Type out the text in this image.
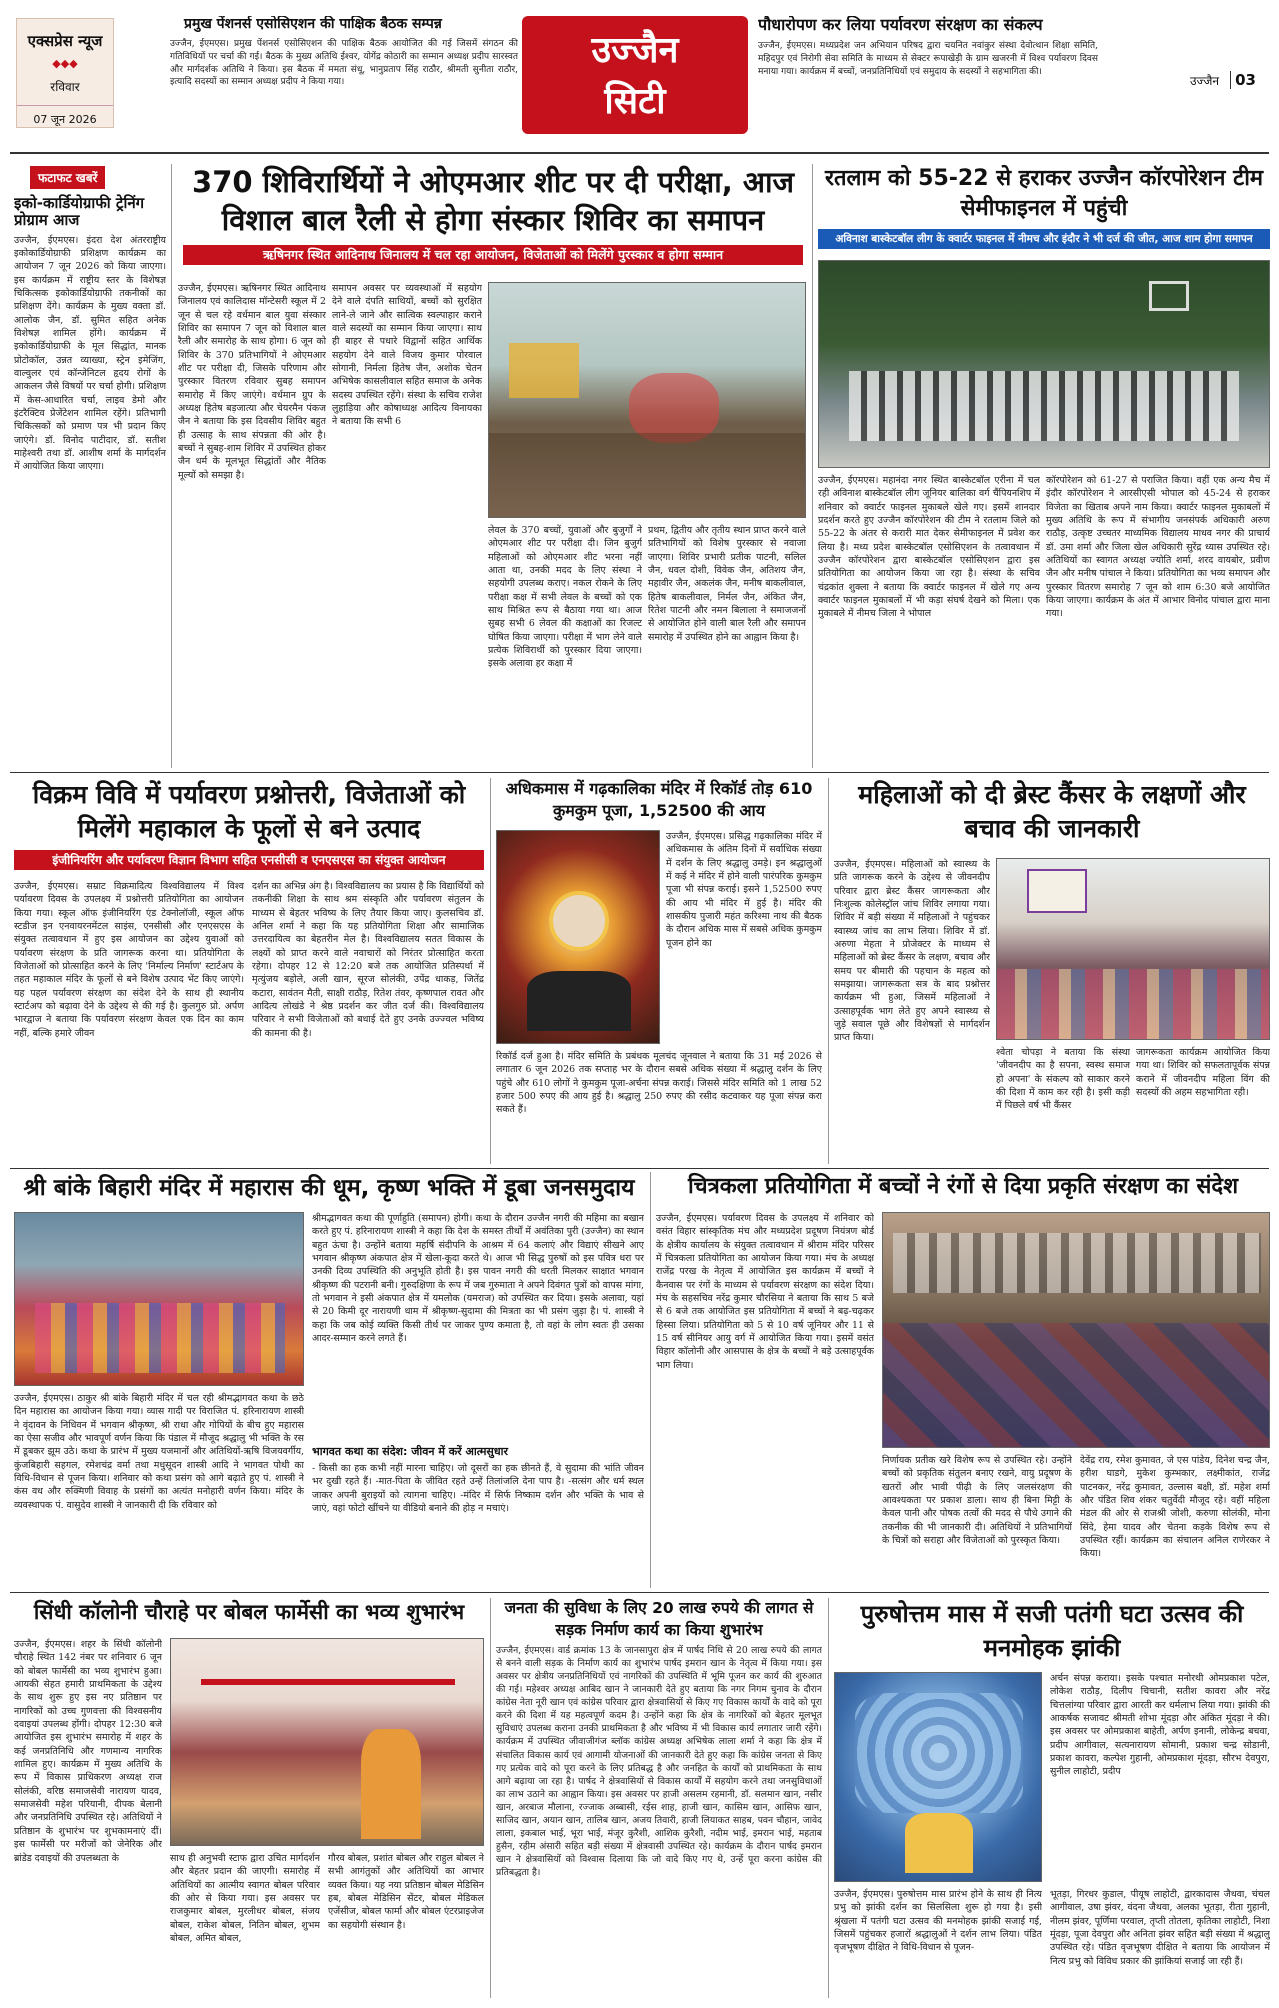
एक्सप्रेस न्यूज
◆◆◆
रविवार
07 जून 2026
प्रमुख पेंशनर्स एसोसिएशन की पाक्षिक बैठक सम्पन्न
उज्जैन, ईएमएस। प्रमुख पेंशनर्स एसोसिएशन की पाक्षिक बैठक आयोजित की गई जिसमें संगठन की गतिविधियों पर चर्चा की गई। बैठक के मुख्य अतिथि ईश्वर, योगेंद्र कोठारी का सम्मान अध्यक्ष प्रदीप सारस्वत और मार्गदर्शक अतिथि ने किया। इस बैठक में ममता संधू, भानुप्रताप सिंह राठौर, श्रीमती सुनीता राठौर, इत्यादि सदस्यों का सम्मान अध्यक्ष प्रदीप ने किया गया।
उज्जैन
सिटी
पौधारोपण कर लिया पर्यावरण संरक्षण का संकल्प
उज्जैन, ईएमएस। मध्यप्रदेश जन अभियान परिषद द्वारा चयनित नवांकुर संस्था देवोत्थान शिक्षा समिति, महिदपुर एवं निरोगी सेवा समिति के माध्यम से सेक्टर रूपाखेड़ी के ग्राम खजरनी में विश्व पर्यावरण दिवस मनाया गया। कार्यक्रम में बच्चों, जनप्रतिनिधियों एवं समुदाय के सदस्यों ने सहभागिता की।
उज्जैन 03
फटाफट खबरें
इको-कार्डियोग्राफी ट्रेनिंग प्रोग्राम आज
उज्जैन, ईएमएस। इंदरा देश अंतरराष्ट्रीय इकोकार्डियोग्राफी प्रशिक्षण कार्यक्रम का आयोजन 7 जून 2026 को किया जाएगा। इस कार्यक्रम में राष्ट्रीय स्तर के विशेषज्ञ चिकित्सक इकोकार्डियोग्राफी तकनीकों का प्रशिक्षण देंगे। कार्यक्रम के मुख्य वक्ता डॉ. आलोक जैन, डॉ. सुमित सहित अनेक विशेषज्ञ शामिल होंगे। कार्यक्रम में इकोकार्डियोग्राफी के मूल सिद्धांत, मानक प्रोटोकॉल, उन्नत व्याख्या, स्ट्रेन इमेजिंग, वाल्वुलर एवं कॉन्जेनिटल हृदय रोगों के आकलन जैसे विषयों पर चर्चा होगी। प्रशिक्षण में केस-आधारित चर्चा, लाइव डेमो और इंटरैक्टिव प्रेजेंटेशन शामिल रहेंगे। प्रतिभागी चिकित्सकों को प्रमाण पत्र भी प्रदान किए जाएंगे। डॉ. विनोद पाटीदार, डॉ. सतीश माहेश्वरी तथा डॉ. आशीष शर्मा के मार्गदर्शन में आयोजित किया जाएगा।
370 शिविरार्थियों ने ओएमआर शीट पर दी परीक्षा, आज विशाल बाल रैली से होगा संस्कार शिविर का समापन
ऋषिनगर स्थित आदिनाथ जिनालय में चल रहा आयोजन, विजेताओं को मिलेंगे पुरस्कार व होगा सम्मान
उज्जैन, ईएमएस। ऋषिनगर स्थित आदिनाथ जिनालय एवं कालिदास मॉन्टेसरी स्कूल में 2 जून से चल रहे वर्धमान बाल युवा संस्कार शिविर का समापन 7 जून को विशाल बाल रैली और समारोह के साथ होगा। 6 जून को शिविर के 370 प्रतिभागियों ने ओएमआर शीट पर परीक्षा दी, जिसके परिणाम और पुरस्कार वितरण रविवार सुबह समापन समारोह में किए जाएंगे। वर्धमान ग्रुप के अध्यक्ष हितेष बड़जात्या और चेयरमैन पंकज जैन ने बताया कि इस दिवसीय शिविर बहुत ही उत्साह के साथ संपन्नता की ओर है। बच्चों ने सुबह-शाम शिविर में उपस्थित होकर जैन धर्म के मूलभूत सिद्धांतों और नैतिक मूल्यों को समझा है।
समापन अवसर पर व्यवस्थाओं में सहयोग देने वाले दंपति साथियों, बच्चों को सुरक्षित लाने-ले जाने और सात्विक स्वल्पाहार कराने वाले सदस्यों का सम्मान किया जाएगा। साथ ही बाहर से पधारे विद्वानों सहित आर्थिक सहयोग देने वाले विजय कुमार पोरवाल सोगानी, निर्मला हितेष जैन, अशोक चेतन अभिषेक कासलीवाल सहित समाज के अनेक सदस्य उपस्थित रहेंगे। संस्था के सचिव राजेश लुहाड़िया और कोषाध्यक्ष आदित्य विनायका ने बताया कि सभी 6
लेवल के 370 बच्चों, युवाओं और बुजुर्गों ने ओएमआर शीट पर परीक्षा दी। जिन बुजुर्ग महिलाओं को ओएमआर शीट भरना नहीं आता था, उनकी मदद के लिए संस्था ने सहयोगी उपलब्ध कराए। नकल रोकने के लिए परीक्षा कक्ष में सभी लेवल के बच्चों को एक साथ मिश्रित रूप से बैठाया गया था। आज सुबह सभी 6 लेवल की कक्षाओं का रिजल्ट घोषित किया जाएगा। परीक्षा में भाग लेने वाले प्रत्येक शिविरार्थी को पुरस्कार दिया जाएगा। इसके अलावा हर कक्षा में
प्रथम, द्वितीय और तृतीय स्थान प्राप्त करने वाले प्रतिभागियों को विशेष पुरस्कार से नवाजा जाएगा। शिविर प्रभारी प्रतीक पाटनी, सलिल जैन, धवल दोशी, विवेक जैन, अतिशय जैन, महावीर जैन, अकलंक जैन, मनीष बाकलीवाल, हितेष बाकलीवाल, निर्मल जैन, अंकित जैन, रितेश पाटनी और नमन बिलाला ने समाजजनों से आयोजित होने वाली बाल रैली और समापन समारोह में उपस्थित होने का आह्वान किया है।
रतलाम को 55-22 से हराकर उज्जैन कॉरपोरेशन टीम सेमीफाइनल में पहुंची
अविनाश बास्केटबॉल लीग के क्वार्टर फाइनल में नीमच और इंदौर ने भी दर्ज की जीत, आज शाम होगा समापन
उज्जैन, ईएमएस। महानंदा नगर स्थित बास्केटबॉल एरीना में चल रही अविनाश बास्केटबॉल लीग जूनियर बालिका वर्ग चैंपियनशिप में शनिवार को क्वार्टर फाइनल मुकाबले खेले गए। इसमें शानदार प्रदर्शन करते हुए उज्जैन कॉरपोरेशन की टीम ने रतलाम जिले को 55-22 के अंतर से करारी मात देकर सेमीफाइनल में प्रवेश कर लिया है। मध्य प्रदेश बास्केटबॉल एसोसिएशन के तत्वावधान में उज्जैन कॉरपोरेशन द्वारा बास्केटबॉल एसोसिएशन द्वारा इस प्रतियोगिता का आयोजन किया जा रहा है। संस्था के सचिव चंद्रकांत शुक्ला ने बताया कि क्वार्टर फाइनल में खेले गए अन्य क्वार्टर फाइनल मुकाबलों में भी कड़ा संघर्ष देखने को मिला। एक मुकाबले में नीमच जिला ने भोपाल
कॉरपोरेशन को 61-27 से पराजित किया। वहीं एक अन्य मैच में इंदौर कॉरपोरेशन ने आरसीएसी भोपाल को 45-24 से हराकर विजेता का खिताब अपने नाम किया। क्वार्टर फाइनल मुकाबलों में मुख्य अतिथि के रूप में संभागीय जनसंपर्क अधिकारी अरुण राठौड़, उत्कृष्ट उच्चतर माध्यमिक विद्यालय माधव नगर की प्राचार्य डॉ. उमा शर्मा और जिला खेल अधिकारी सुरेंद्र ध्यास उपस्थित रहे। अतिथियों का स्वागत अध्यक्ष ज्योति शर्मा, शरद वायबोर, प्रवीण जैन और मनीष पांचाल ने किया। प्रतियोगिता का भव्य समापन और पुरस्कार वितरण समारोह 7 जून को शाम 6:30 बजे आयोजित किया जाएगा। कार्यक्रम के अंत में आभार विनोद पांचाल द्वारा माना गया।
विक्रम विवि में पर्यावरण प्रश्नोत्तरी, विजेताओं को मिलेंगे महाकाल के फूलों से बने उत्पाद
इंजीनियरिंग और पर्यावरण विज्ञान विभाग सहित एनसीसी व एनएसएस का संयुक्त आयोजन
उज्जैन, ईएमएस। सम्राट विक्रमादित्य विश्वविद्यालय में विश्व पर्यावरण दिवस के उपलक्ष्य में प्रश्नोत्तरी प्रतियोगिता का आयोजन किया गया। स्कूल ऑफ इंजीनियरिंग एंड टेक्नोलॉजी, स्कूल ऑफ स्टडीज इन एनवायरनमेंटल साइंस, एनसीसी और एनएसएस के संयुक्त तत्वावधान में हुए इस आयोजन का उद्देश्य युवाओं को पर्यावरण संरक्षण के प्रति जागरूक करना था। प्रतियोगिता के विजेताओं को प्रोत्साहित करने के लिए 'निर्माल्य निर्माण' स्टार्टअप के तहत महाकाल मंदिर के फूलों से बने विशेष उत्पाद भेंट किए जाएंगे। यह पहल पर्यावरण संरक्षण का संदेश देने के साथ ही स्थानीय स्टार्टअप को बढ़ावा देने के उद्देश्य से की गई है। कुलगुरु प्रो. अर्पण भारद्वाज ने बताया कि पर्यावरण संरक्षण केवल एक दिन का काम नहीं, बल्कि हमारे जीवन
दर्शन का अभिन्न अंग है। विश्वविद्यालय का प्रयास है कि विद्यार्थियों को तकनीकी शिक्षा के साथ श्रम संस्कृति और पर्यावरण संतुलन के माध्यम से बेहतर भविष्य के लिए तैयार किया जाए। कुलसचिव डॉ. अनिल शर्मा ने कहा कि यह प्रतियोगिता शिक्षा और सामाजिक उत्तरदायित्व का बेहतरीन मेल है। विश्वविद्यालय सतत विकास के लक्ष्यों को प्राप्त करने वाले नवाचारों को निरंतर प्रोत्साहित करता रहेगा। दोपहर 12 से 12:20 बजे तक आयोजित प्रतिस्पर्धा में मृत्युंजय बड़ोले, अली खान, सूरज सोलंकी, उपेंद्र धाकड़, जितेंद्र कटारा, सावंतन मैती, साक्षी राठौड़, रितेश तंवर, कृष्णपाल रावत और आदित्य लोखंडे ने श्रेष्ठ प्रदर्शन कर जीत दर्ज की। विश्वविद्यालय परिवार ने सभी विजेताओं को बधाई देते हुए उनके उज्ज्वल भविष्य की कामना की है।
अधिकमास में गढ़कालिका मंदिर में रिकॉर्ड तोड़ 610 कुमकुम पूजा, 1,52500 की आय
उज्जैन, ईएमएस। प्रसिद्ध गढ़कालिका मंदिर में अधिकमास के अंतिम दिनों में सर्वाधिक संख्या में दर्शन के लिए श्रद्धालु उमड़े। इन श्रद्धालुओं में कई ने मंदिर में होने वाली पारंपरिक कुमकुम पूजा भी संपन्न कराई। इसने 1,52500 रुपए की आय भी मंदिर में हुई है। मंदिर की शासकीय पुजारी महंत करिश्मा नाथ की बैठक के दौरान अधिक मास में सबसे अधिक कुमकुम पूजन होने का
रिकॉर्ड दर्ज हुआ है। मंदिर समिति के प्रबंधक मूलचंद जूनवाल ने बताया कि 31 मई 2026 से लगातार 6 जून 2026 तक सप्ताह भर के दौरान सबसे अधिक संख्या में श्रद्धालु दर्शन के लिए पहुंचे और 610 लोगों ने कुमकुम पूजा-अर्चना संपन्न कराई। जिससे मंदिर समिति को 1 लाख 52 हजार 500 रुपए की आय हुई है। श्रद्धालु 250 रुपए की रसीद कटवाकर यह पूजा संपन्न करा सकते हैं।
महिलाओं को दी ब्रेस्ट कैंसर के लक्षणों और बचाव की जानकारी
उज्जैन, ईएमएस। महिलाओं को स्वास्थ्य के प्रति जागरूक करने के उद्देश्य से जीवनदीप परिवार द्वारा ब्रेस्ट कैंसर जागरूकता और निःशुल्क कोलेस्ट्रॉल जांच शिविर लगाया गया। शिविर में बड़ी संख्या में महिलाओं ने पहुंचकर स्वास्थ्य जांच का लाभ लिया। शिविर में डॉ. अरुणा मेहता ने प्रोजेक्टर के माध्यम से महिलाओं को ब्रेस्ट कैंसर के लक्षण, बचाव और समय पर बीमारी की पहचान के महत्व को समझाया। जागरूकता सत्र के बाद प्रश्नोत्तर कार्यक्रम भी हुआ, जिसमें महिलाओं ने उत्साहपूर्वक भाग लेते हुए अपने स्वास्थ्य से जुड़े सवाल पूछे और विशेषज्ञों से मार्गदर्शन प्राप्त किया।
श्वेता चोपड़ा ने बताया कि संस्था 'जीवनदीप का है सपना, स्वस्थ समाज हो अपना' के संकल्प को साकार करने की दिशा में काम कर रही है। इसी कड़ी में पिछले वर्ष भी कैंसर
जागरूकता कार्यक्रम आयोजित किया गया था। शिविर को सफलतापूर्वक संपन्न कराने में जीवनदीप महिला विंग की सदस्यों की अहम सहभागिता रही।
श्री बांके बिहारी मंदिर में महारास की धूम, कृष्ण भक्ति में डूबा जनसमुदाय
उज्जैन, ईएमएस। ठाकुर श्री बांके बिहारी मंदिर में चल रही श्रीमद्भागवत कथा के छठे दिन महारास का आयोजन किया गया। व्यास गादी पर विराजित पं. हरिनारायण शास्त्री ने वृंदावन के निधिवन में भगवान श्रीकृष्ण, श्री राधा और गोपियों के बीच हुए महारास का ऐसा सजीव और भावपूर्ण वर्णन किया कि पंडाल में मौजूद श्रद्धालु भी भक्ति के रस में डूबकर झूम उठे। कथा के प्रारंभ में मुख्य यजमानों और अतिथियों-ऋषि विजयवर्गीय, कुंजबिहारी सहगल, रमेशचंद्र वर्मा तथा मधुसूदन शास्त्री आदि ने भागवत पोथी का विधि-विधान से पूजन किया। शनिवार को कथा प्रसंग को आगे बढ़ाते हुए पं. शास्त्री ने कंस वध और रुक्मिणी विवाह के प्रसंगों का अत्यंत मनोहारी वर्णन किया। मंदिर के व्यवस्थापक पं. वासुदेव शास्त्री ने जानकारी दी कि रविवार को
श्रीमद्भागवत कथा की पूर्णाहुति (समापन) होगी। कथा के दौरान उज्जैन नगरी की महिमा का बखान करते हुए पं. हरिनारायण शास्त्री ने कहा कि देश के समस्त तीर्थों में अवंतिका पुरी (उज्जैन) का स्थान बहुत ऊंचा है। उन्होंने बताया महर्षि संदीपनि के आश्रम में 64 कलाएं और विद्याएं सीखने आए भगवान श्रीकृष्ण अंकपात क्षेत्र में खेला-कूदा करते थे। आज भी सिद्ध पुरुषों को इस पवित्र धरा पर उनकी दिव्य उपस्थिति की अनुभूति होती है। इस पावन नगरी की धरती मिलकर साक्षात भगवान श्रीकृष्ण की पटरानी बनी। गुरुदक्षिणा के रूप में जब गुरुमाता ने अपने दिवंगत पुत्रों को वापस मांगा, तो भगवान ने इसी अंकपात क्षेत्र में यमलोक (यमराज) को उपस्थित कर दिया। इसके अलावा, यहां से 20 किमी दूर नारायणी धाम में श्रीकृष्ण-सुदामा की मित्रता का भी प्रसंग जुड़ा है। पं. शास्त्री ने कहा कि जब कोई व्यक्ति किसी तीर्थ पर जाकर पुण्य कमाता है, तो वहां के लोग स्वतः ही उसका आदर-सम्मान करने लगते हैं।
भागवत कथा का संदेश: जीवन में करें आत्मसुधार
- किसी का हक कभी नहीं मारना चाहिए। जो दूसरों का हक छीनते हैं, वे सुदामा की भांति जीवन भर दुखी रहते हैं। -मात-पिता के जीवित रहते उन्हें तिलांजलि देना पाप है। -सत्संग और धर्म स्थल जाकर अपनी बुराइयों को त्यागना चाहिए। -मंदिर में सिर्फ निष्काम दर्शन और भक्ति के भाव से जाएं, वहां फोटो खींचने या वीडियो बनाने की होड़ न मचाएं।
चित्रकला प्रतियोगिता में बच्चों ने रंगों से दिया प्रकृति संरक्षण का संदेश
उज्जैन, ईएमएस। पर्यावरण दिवस के उपलक्ष्य में शनिवार को वसंत विहार सांस्कृतिक मंच और मध्यप्रदेश प्रदूषण नियंत्रण बोर्ड के क्षेत्रीय कार्यालय के संयुक्त तत्वावधान में श्रीराम मंदिर परिसर में चित्रकला प्रतियोगिता का आयोजन किया गया। मंच के अध्यक्ष राजेंद्र परख के नेतृत्व में आयोजित इस कार्यक्रम में बच्चों ने कैनवास पर रंगों के माध्यम से पर्यावरण संरक्षण का संदेश दिया। मंच के सहसचिव नरेंद्र कुमार चौरसिया ने बताया कि साथ 5 बजे से 6 बजे तक आयोजित इस प्रतियोगिता में बच्चों ने बढ़-चढ़कर हिस्सा लिया। प्रतियोगिता को 5 से 10 वर्ष जूनियर और 11 से 15 वर्ष सीनियर आयु वर्ग में आयोजित किया गया। इसमें वसंत विहार कॉलोनी और आसपास के क्षेत्र के बच्चों ने बड़े उत्साहपूर्वक भाग लिया।
निर्णायक प्रतीक खरे विशेष रूप से उपस्थित रहे। उन्होंने बच्चों को प्रकृतिक संतुलन बनाए रखने, वायु प्रदूषण के खतरों और भावी पीढ़ी के लिए जलसंरक्षण की आवश्यकता पर प्रकाश डाला। साथ ही बिना मिट्टी के केवल पानी और पोषक तत्वों की मदद से पौधे उगाने की तकनीक की भी जानकारी दी। अतिथियों ने प्रतिभागियों के चित्रों को सराहा और विजेताओं को पुरस्कृत किया।
देवेंद्र राय, रमेश कुमावत, जे एस पांडेय, दिनेश चन्द्र जैन, हरीश घाडगे, मुकेश कुम्भकार, लक्ष्मीकांत, राजेंद्र पाटनकर, नरेंद्र कुमावत, उल्लास बक्षी, डॉ. महेश शर्मा और पंडित शिव शंकर चतुर्वेदी मौजूद रहे। वहीं महिला मंडल की ओर से राजश्री जोशी, करुणा सोलंकी, मोना सिंदे, हेमा यादव और चेतना कड़के विशेष रूप से उपस्थित रहीं। कार्यक्रम का संचालन अनिल राणेरकर ने किया।
सिंधी कॉलोनी चौराहे पर बोबल फार्मेसी का भव्य शुभारंभ
उज्जैन, ईएमएस। शहर के सिंधी कॉलोनी चौराहे स्थित 142 नंबर पर शनिवार 6 जून को बोबल फार्मेसी का भव्य शुभारंभ हुआ। आयकी सेहत हमारी प्राथमिकता के उद्देश्य के साथ शुरू हुए इस नए प्रतिष्ठान पर नागरिकों को उच्च गुणवत्ता की विश्वसनीय दवाइयां उपलब्ध होंगी। दोपहर 12:30 बजे आयोजित इस शुभारंभ समारोह में शहर के कई जनप्रतिनिधि और गणमान्य नागरिक शामिल हुए। कार्यक्रम में मुख्य अतिथि के रूप में विकास प्राधिकरण अध्यक्ष राज सोलंकी, वरिष्ठ समाजसेवी नारायण यादव, समाजसेवी महेश परियानी, दीपक बेलानी और जनप्रतिनिधि उपस्थित रहे। अतिथियों ने प्रतिष्ठान के शुभारंभ पर शुभकामनाएं दीं। इस फार्मेसी पर मरीजों को जेनेरिक और ब्रांडेड दवाइयों की उपलब्धता के	साथ ही अनुभवी स्टाफ द्वारा उचित मार्गदर्शन और बेहतर प्रदान की जाएगी। समारोह में अतिथियों का आत्मीय स्वागत बोबल परिवार की ओर से किया गया। इस अवसर पर राजकुमार बोबल, मुरलीधर बोबल, संजय बोबल, राकेश बोबल, नितिन बोबल, शुभम बोबल, अमित बोबल,
गौरव बोबल, प्रशांत बोबल और राहुल बोबल ने सभी आगंतुकों और अतिथियों का आभार व्यक्त किया। यह नया प्रतिष्ठान बोबल मेडिसिन हब, बोबल मेडिसिन सेंटर, बोबल मेडिकल एजेंसीज, बोबल फार्मा और बोबल एंटरप्राइजेज का सहयोगी संस्थान है।
जनता की सुविधा के लिए 20 लाख रुपये की लागत से सड़क निर्माण कार्य का किया शुभारंभ
उज्जैन, ईएमएस। वार्ड क्रमांक 13 के जानसापुरा क्षेत्र में पार्षद निधि से 20 लाख रुपये की लागत से बनने वाली सड़क के निर्माण कार्य का शुभारंभ पार्षद इमरान खान के नेतृत्व में किया गया। इस अवसर पर क्षेत्रीय जनप्रतिनिधियों एवं नागरिकों की उपस्थिति में भूमि पूजन कर कार्य की शुरुआत की गई। महेश्वर अध्यक्ष आबिद खान ने जानकारी देते हुए बताया कि नगर निगम चुनाव के दौरान कांग्रेस नेता नूरी खान एवं कांग्रेस परिवार द्वारा क्षेत्रवासियों से किए गए विकास कार्यों के वादे को पूरा करने की दिशा में यह महत्वपूर्ण कदम है। उन्होंने कहा कि क्षेत्र के नागरिकों को बेहतर मूलभूत सुविधाएं उपलब्ध कराना उनकी प्राथमिकता है और भविष्य में भी विकास कार्य लगातार जारी रहेंगे। कार्यक्रम में उपस्थित जीवाजीगंज ब्लॉक कांग्रेस अध्यक्ष अभिषेक लाला शर्मा ने कहा कि क्षेत्र में संचालित विकास कार्य एवं आगामी योजनाओं की जानकारी देते हुए कहा कि कांग्रेस जनता से किए गए प्रत्येक वादे को पूरा करने के लिए प्रतिबद्ध है और जनहित के कार्यों को प्राथमिकता के साथ आगे बढ़ाया जा रहा है। पार्षद ने क्षेत्रवासियों से विकास कार्यों में सहयोग करने तथा जनसुविधाओं का लाभ उठाने का आह्वान किया। इस अवसर पर हाजी असलम रहमानी, डॉ. सलमान खान, नसीर खान, अरबाज मौलाना, रज्जाक अब्बासी, रईस शाह, हाजी खान, कासिम खान, आसिफ खान, साजिद खान, अयान खान, तालिब खान, अजय तिवारी, हाजी लियाकत साहब, पवन चौहान, जावेद लाला, इकबाल भाई, भूरा भाई, मंजूर कुरैशी, आशिक कुरैशी, नदीम भाई, इमरान भाई, महताब हुसैन, रहीम अंसारी सहित बड़ी संख्या में क्षेत्रवासी उपस्थित रहे। कार्यक्रम के दौरान पार्षद इमरान खान ने क्षेत्रवासियों को विश्वास दिलाया कि जो वादे किए गए थे, उन्हें पूरा करना कांग्रेस की प्रतिबद्धता है।
पुरुषोत्तम मास में सजी पतंगी घटा उत्सव की मनमोहक झांकी
उज्जैन, ईएमएस। पुरुषोत्तम मास प्रारंभ होने के साथ ही नित्य प्रभु को झांकी दर्शन का सिलसिला शुरू हो गया है। इसी श्रृंखला में पतंगी घटा उत्सव की मनमोहक झांकी सजाई गई, जिसमें पहुंचकर हजारों श्रद्धालुओं ने दर्शन लाभ लिया। पंडित वृजभूषण दीक्षित ने विधि-विधान से पूजन-
अर्चन संपन्न कराया। इसके पश्चात मनोरथी ओमप्रकाश पटेल, लोकेश राठौड़, दिलीप चिचानी, सतीश कावरा और नरेंद्र चित्तलांग्या परिवार द्वारा आरती कर धर्मलाभ लिया गया। झांकी की आकर्षक सजावट श्रीमती शोभा मूंदड़ा और अंकित मूंदड़ा ने की। इस अवसर पर ओमप्रकाश बाहेती, अर्पण इनानी, लोकेन्द्र बचवा, प्रदीप आगीवाल, सत्यनारायण सोमानी, प्रकाश चन्द्र सोडानी, प्रकाश कावरा, कल्पेश गुहानी, ओमप्रकाश मूंदड़ा, सौरभ देवपुरा, सुनील लाहोटी, प्रदीप
भूतड़ा, गिरधर कुडाल, पीयूष लाहोटी, द्वारकादास जैथवा, चंचल आगीवाल, उषा झंवर, वंदना जैथवा, अलका भूतड़ा, रीता गुहानी, नीलम झंवर, पूर्णिमा परवाल, तृप्ती तोतला, कृतिका लाहोटी, निशा मूंदड़ा, पूजा देवपुरा और अनिता झंवर सहित बड़ी संख्या में श्रद्धालु उपस्थित रहे। पंडित वृजभूषण दीक्षित ने बताया कि आयोजन में नित्य प्रभु को विविध प्रकार की झांकियां सजाई जा रही हैं।
